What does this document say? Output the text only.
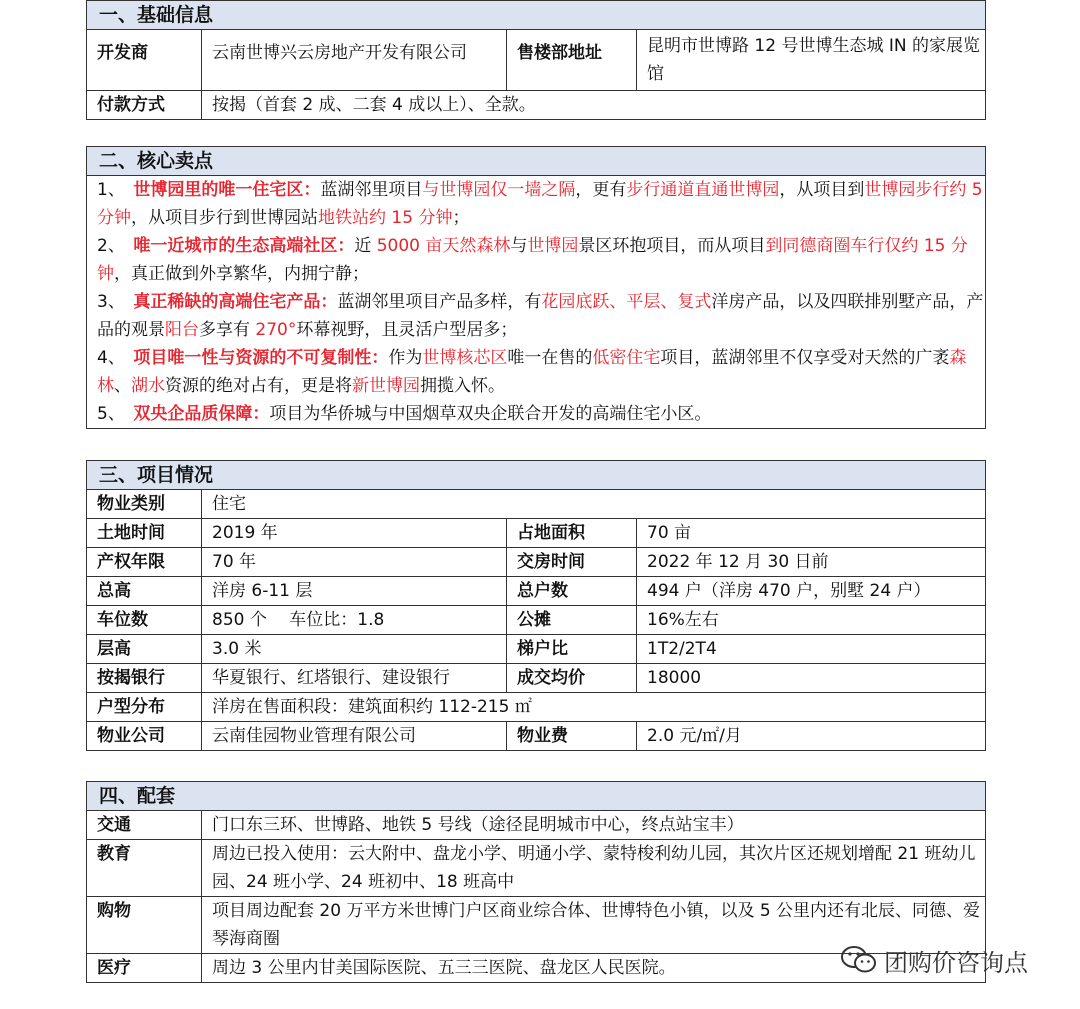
一、基础信息			
开发商	云南世博兴云房地产开发有限公司	售楼部地址	昆明市世博路 12 号世博生态城 IN 的家展览馆
付款方式	按揭（首套 2 成、二套 4 成以上）、全款。		
二、核心卖点

1、　世博园里的唯一住宅区：蓝湖邻里项目与世博园仅一墙之隔，更有步行通道直通世博园，从项目到世博园步行约 5 分钟，从项目步行到世博园站地铁站约 15 分钟；

2、　唯一近城市的生态高端社区：近 5000 亩天然森林与世博园景区环抱项目，而从项目到同德商圈车行仅约 15 分钟，真正做到外享繁华，内拥宁静；

3、　真正稀缺的高端住宅产品：蓝湖邻里项目产品多样，有花园底跃、平层、复式洋房产品，以及四联排别墅产品，产品的观景阳台多享有 270°环幕视野，且灵活户型居多；

4、　项目唯一性与资源的不可复制性：作为世博核芯区唯一在售的低密住宅项目，蓝湖邻里不仅享受对天然的广袤森林、湖水资源的绝对占有，更是将新世博园拥揽入怀。

5、　双央企品质保障：项目为华侨城与中国烟草双央企联合开发的高端住宅小区。

三、项目情况			
物业类别	住宅		
土地时间	2019 年	占地面积	70 亩
产权年限	70 年	交房时间	2022 年 12 月 30 日前
总高	洋房 6-11 层	总户数	494 户（洋房 470 户，别墅 24 户）
车位数	850 个　 车位比：1.8	公摊	16%左右
层高	3.0 米	梯户比	1T2/2T4
按揭银行	华夏银行、红塔银行、建设银行	成交均价	18000
户型分布	洋房在售面积段：建筑面积约 112-215 ㎡		
物业公司	云南佳园物业管理有限公司	物业费	2.0 元/㎡/月
四、配套	
交通	门口东三环、世博路、地铁 5 号线（途径昆明城市中心，终点站宝丰）
教育	周边已投入使用：云大附中、盘龙小学、明通小学、蒙特梭利幼儿园，其次片区还规划增配 21 班幼儿园、24 班小学、24 班初中、18 班高中
购物	项目周边配套 20 万平方米世博门户区商业综合体、世博特色小镇，以及 5 公里内还有北辰、同德、爱琴海商圈
医疗	周边 3 公里内甘美国际医院、五三三医院、盘龙区人民医院。	团购价咨询点
